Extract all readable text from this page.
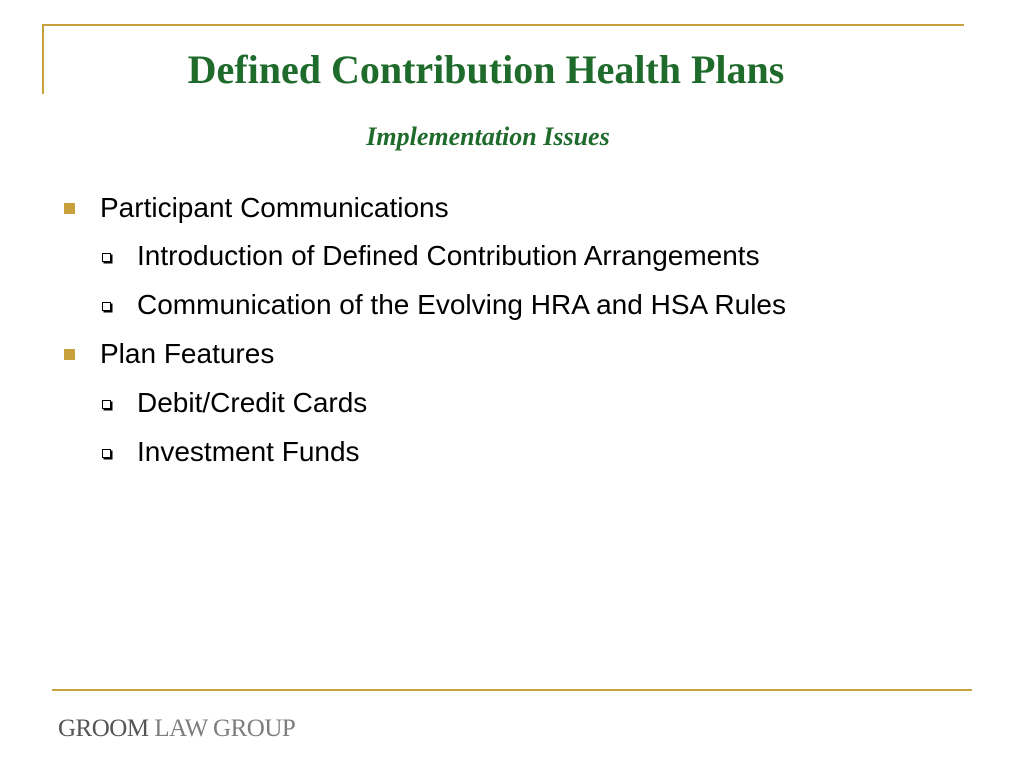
Defined Contribution Health Plans
Implementation Issues
Participant Communications
Introduction of Defined Contribution Arrangements
Communication of the Evolving HRA and HSA Rules
Plan Features
Debit/Credit Cards
Investment Funds
GROOM LAW GROUP
